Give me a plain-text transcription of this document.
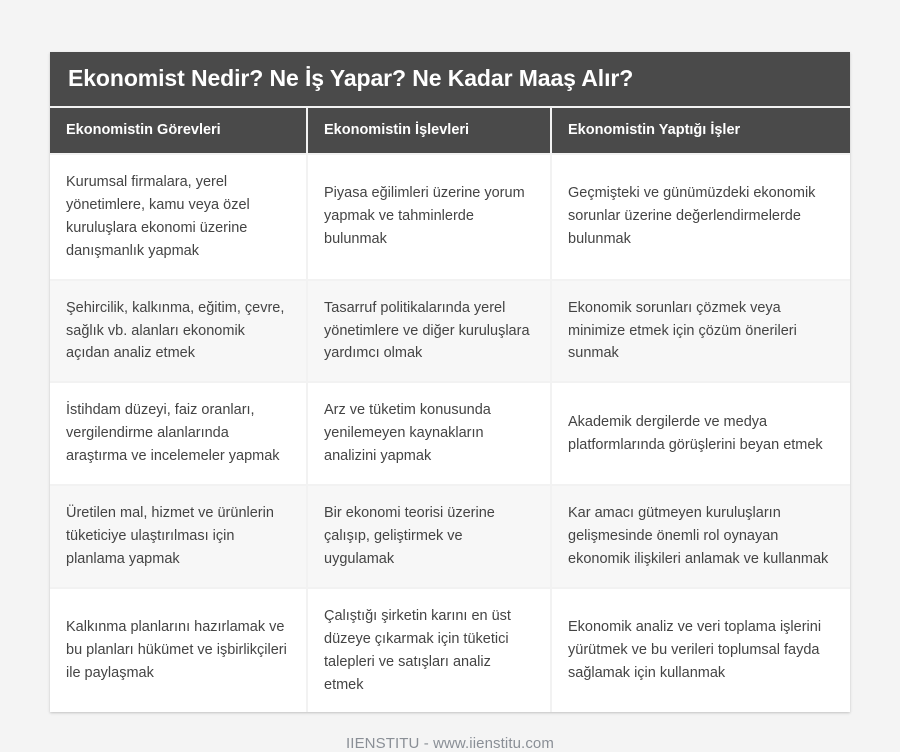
Ekonomist Nedir? Ne İş Yapar? Ne Kadar Maaş Alır?
Ekonomistin Görevleri	Ekonomistin İşlevleri	Ekonomistin Yaptığı İşler
Kurumsal firmalara, yerel yönetimlere, kamu veya özel kuruluşlara ekonomi üzerine danışmanlık yapmak	Piyasa eğilimleri üzerine yorum yapmak ve tahminlerde bulunmak	Geçmişteki ve günümüzdeki ekonomik sorunlar üzerine değerlendirmelerde bulunmak
Şehircilik, kalkınma, eğitim, çevre, sağlık vb. alanları ekonomik açıdan analiz etmek	Tasarruf politikalarında yerel yönetimlere ve diğer kuruluşlara yardımcı olmak	Ekonomik sorunları çözmek veya minimize etmek için çözüm önerileri sunmak
İstihdam düzeyi, faiz oranları, vergilendirme alanlarında araştırma ve incelemeler yapmak	Arz ve tüketim konusunda yenilemeyen kaynakların analizini yapmak	Akademik dergilerde ve medya platformlarında görüşlerini beyan etmek
Üretilen mal, hizmet ve ürünlerin tüketiciye ulaştırılması için planlama yapmak	Bir ekonomi teorisi üzerine çalışıp, geliştirmek ve uygulamak	Kar amacı gütmeyen kuruluşların gelişmesinde önemli rol oynayan ekonomik ilişkileri anlamak ve kullanmak
Kalkınma planlarını hazırlamak ve bu planları hükümet ve işbirlikçileri ile paylaşmak	Çalıştığı şirketin karını en üst düzeye çıkarmak için tüketici talepleri ve satışları analiz etmek	Ekonomik analiz ve veri toplama işlerini yürütmek ve bu verileri toplumsal fayda sağlamak için kullanmak
IIENSTITU - www.iienstitu.com
